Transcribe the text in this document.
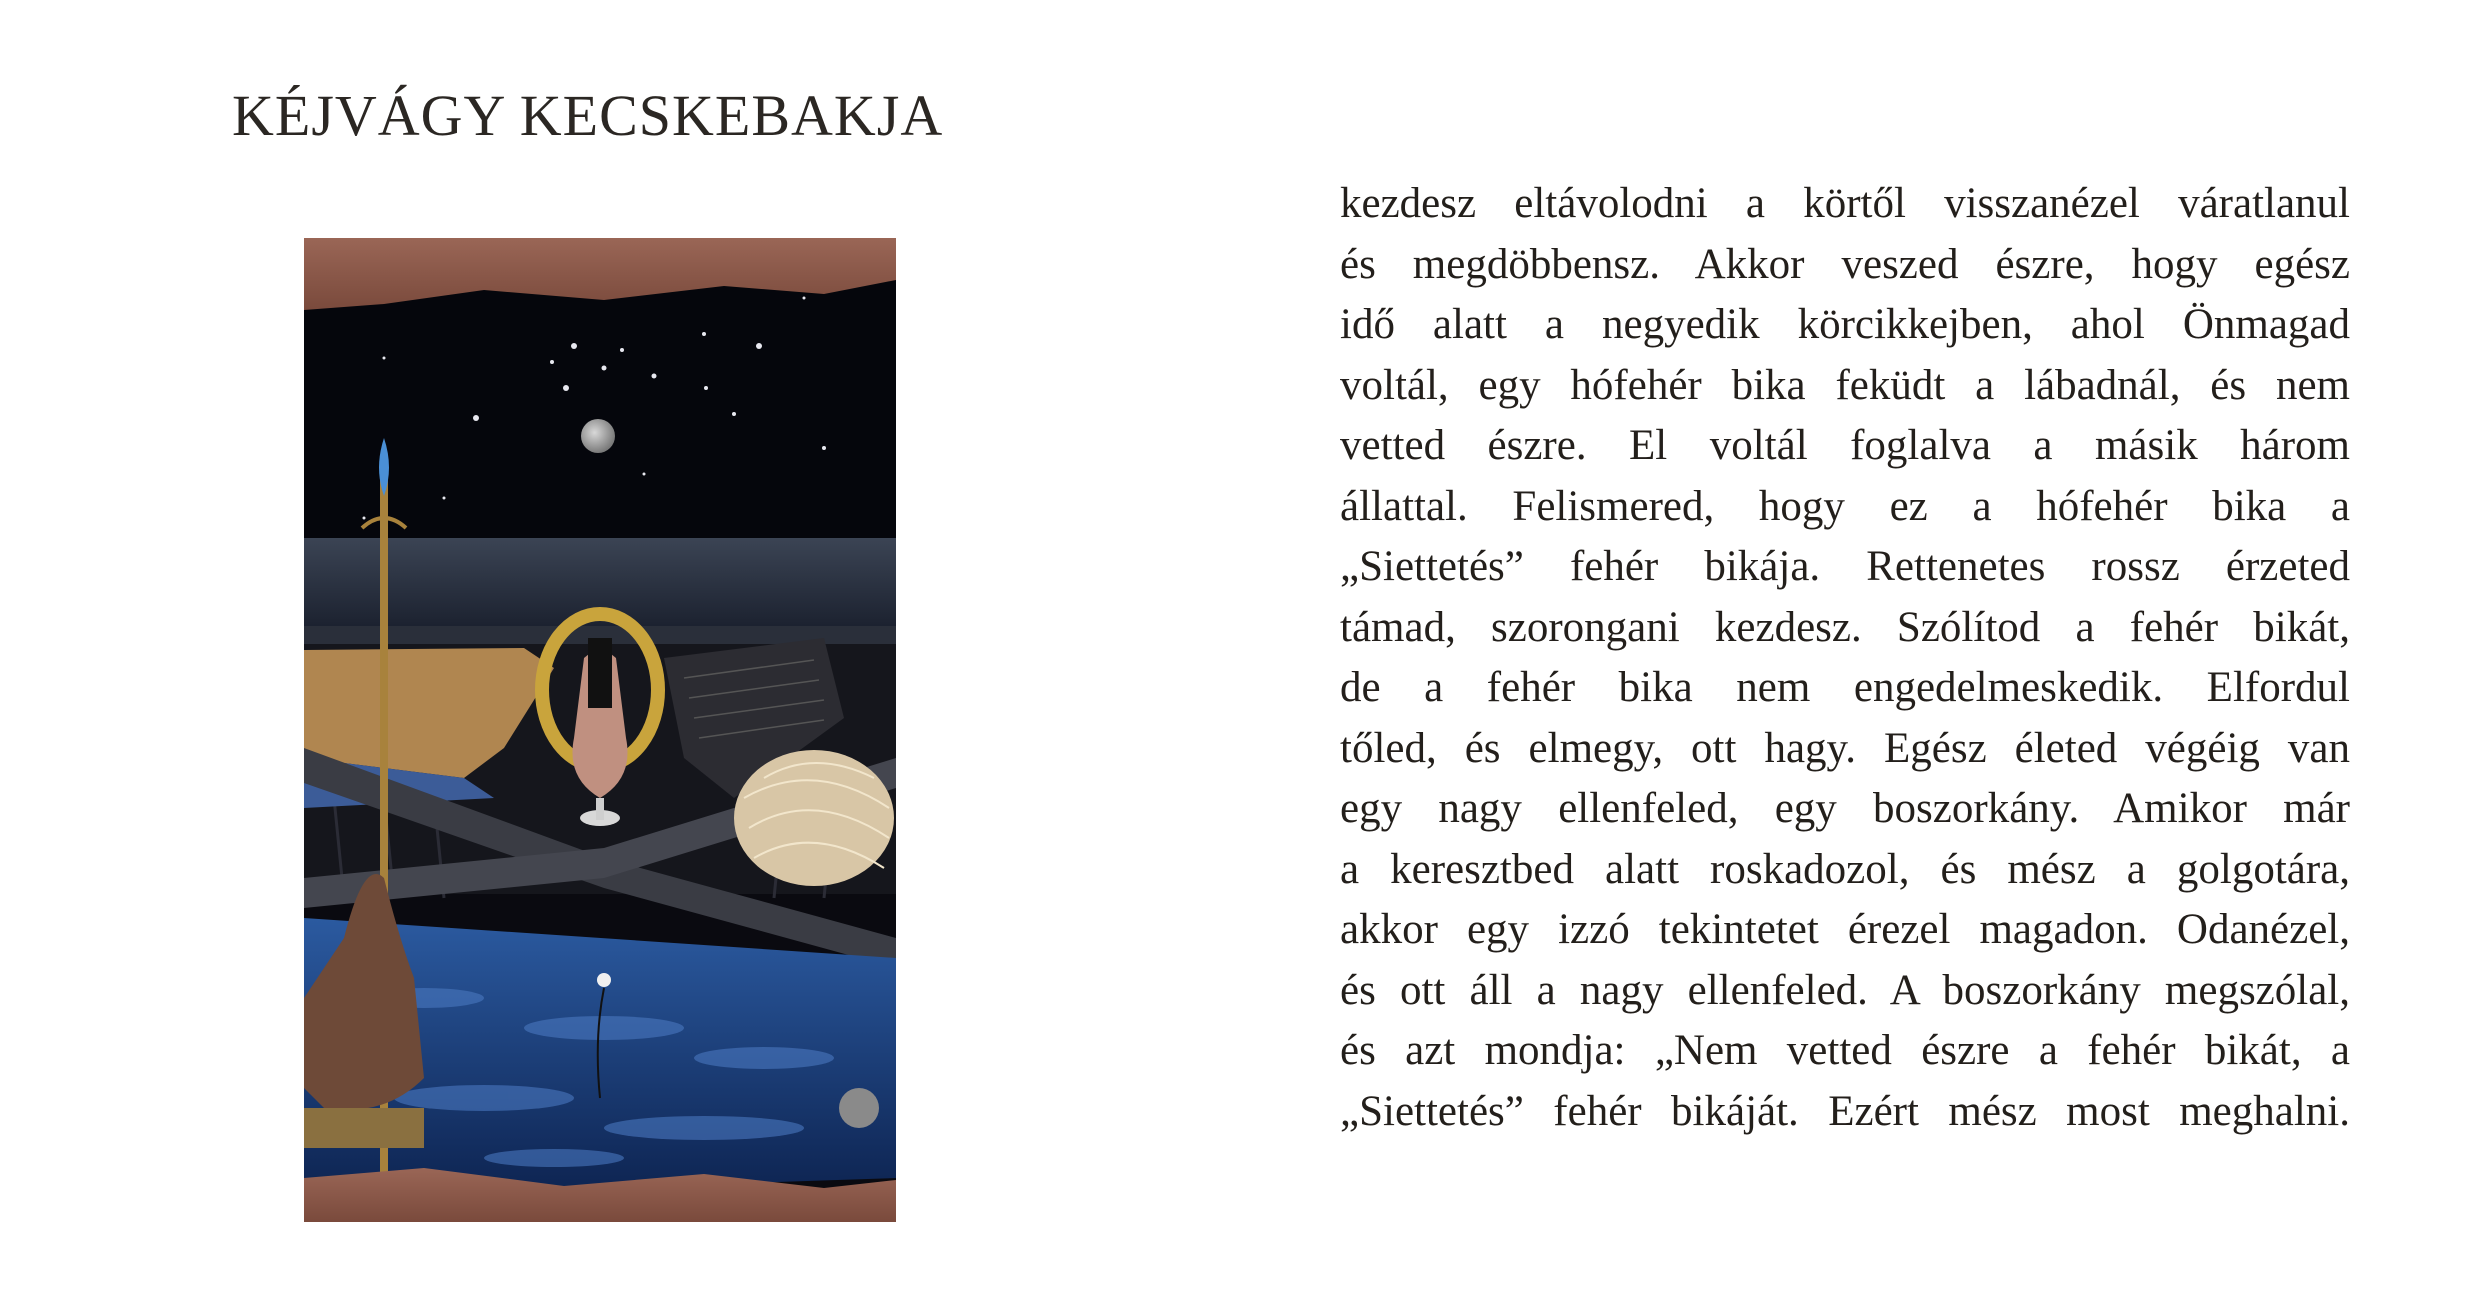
KÉJVÁGY KECSKEBAKJA
kezdesz eltávolodni a körtől visszanézel váratlanul
és megdöbbensz. Akkor veszed észre, hogy egész
idő alatt a negyedik körcikkejben, ahol Önmagad
voltál, egy hófehér bika feküdt a lábadnál, és nem
vetted észre. El voltál foglalva a másik három
állattal. Felismered, hogy ez a hófehér bika a
„Siettetés” fehér bikája. Rettenetes rossz érzeted
támad, szorongani kezdesz. Szólítod a fehér bikát,
de a fehér bika nem engedelmeskedik. Elfordul
tőled, és elmegy, ott hagy. Egész életed végéig van
egy nagy ellenfeled, egy boszorkány. Amikor már
a keresztbed alatt roskadozol, és mész a golgotára,
akkor egy izzó tekintetet érezel magadon. Odanézel,
és ott áll a nagy ellenfeled. A boszorkány megszólal,
és azt mondja: „Nem vetted észre a fehér bikát, a
„Siettetés” fehér bikáját. Ezért mész most meghalni.
